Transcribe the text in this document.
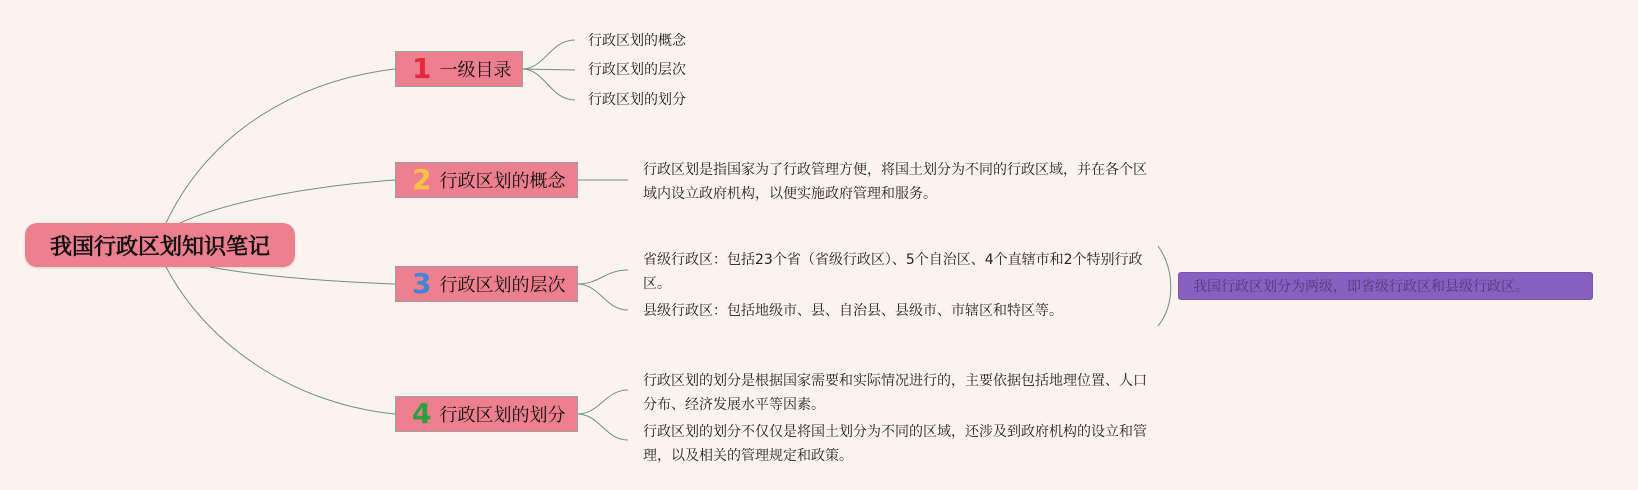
我国行政区划知识笔记
1 一级目录
行政区划的概念
行政区划的层次
行政区划的划分
2 行政区划的概念
行政区划是指国家为了行政管理方便，将国土划分为不同的行政区域，并在各个区域内设立政府机构，以便实施政府管理和服务。
3 行政区划的层次
省级行政区：包括23个省（省级行政区）、5个自治区、4个直辖市和2个特别行政区。
县级行政区：包括地级市、县、自治县、县级市、市辖区和特区等。
我国行政区划分为两级，即省级行政区和县级行政区。
4 行政区划的划分
行政区划的划分是根据国家需要和实际情况进行的，主要依据包括地理位置、人口分布、经济发展水平等因素。
行政区划的划分不仅仅是将国土划分为不同的区域，还涉及到政府机构的设立和管理，以及相关的管理规定和政策。
